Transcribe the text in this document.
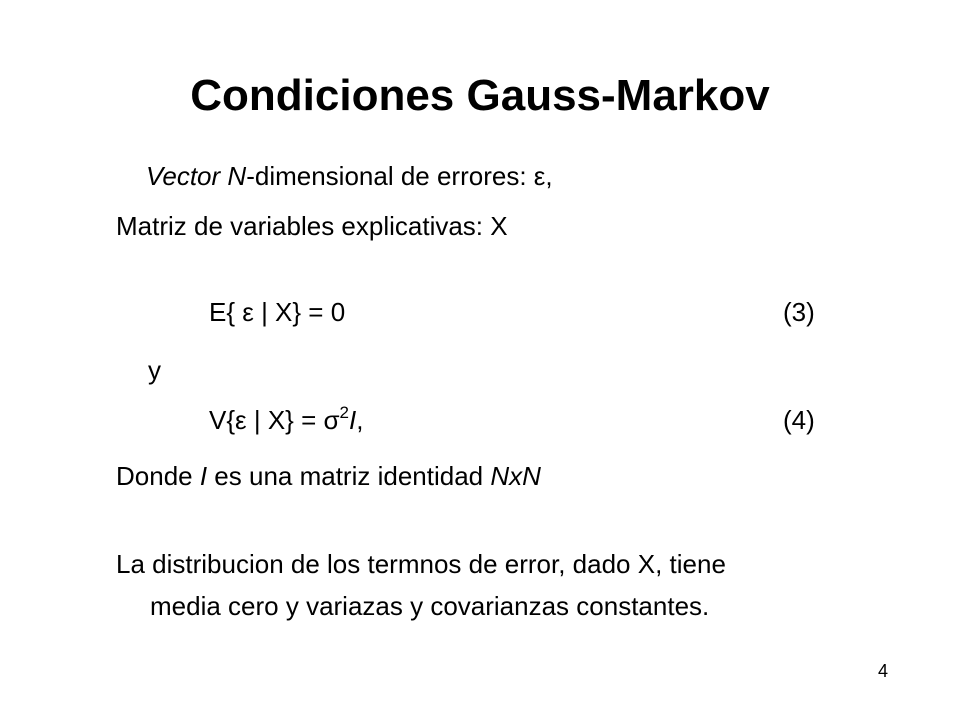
Condiciones Gauss-Markov
Vector N-dimensional de errores: ε,
Matriz de variables explicativas: X
E{ ε | X} = 0	(3)
y
V{ε | $X\} = \sigma^2I$,	(4)
Donde I es una matriz identidad NxN
La distribucion de los termnos de error, dado X, tiene
media cero y variazas y covarianzas constantes.
4
